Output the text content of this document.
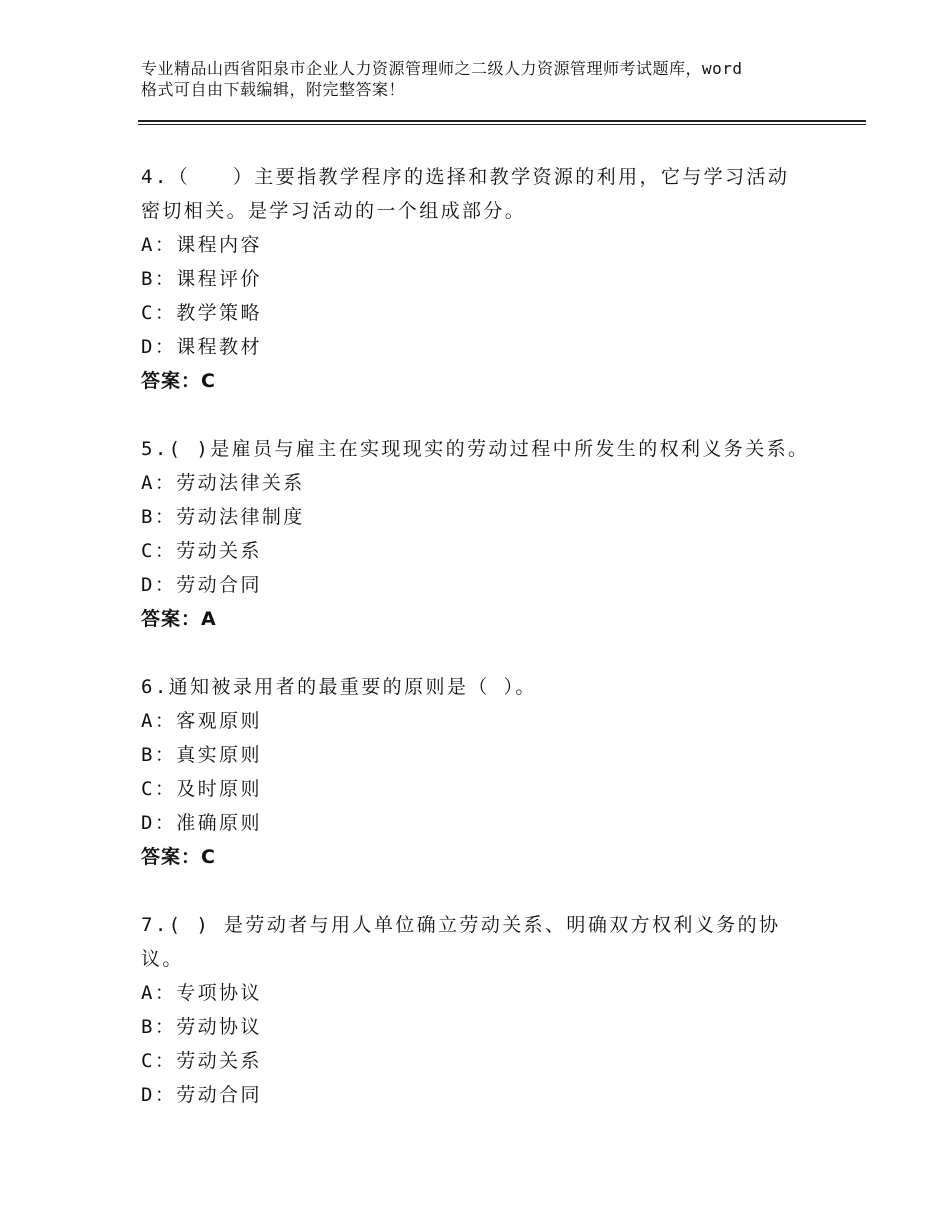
专业精品山西省阳泉市企业人力资源管理师之二级人力资源管理师考试题库，word
格式可自由下载编辑，附完整答案！
4.（　　）主要指教学程序的选择和教学资源的利用，它与学习活动
密切相关。是学习活动的一个组成部分。
A：课程内容
B：课程评价
C：教学策略
D：课程教材
答案：C
5.( )是雇员与雇主在实现现实的劳动过程中所发生的权利义务关系。
A：劳动法律关系
B：劳动法律制度
C：劳动关系
D：劳动合同
答案：A
6.通知被录用者的最重要的原则是（ ）。
A：客观原则
B：真实原则
C：及时原则
D：准确原则
答案：C
7.( ) 是劳动者与用人单位确立劳动关系、明确双方权利义务的协
议。
A：专项协议
B：劳动协议
C：劳动关系
D：劳动合同
